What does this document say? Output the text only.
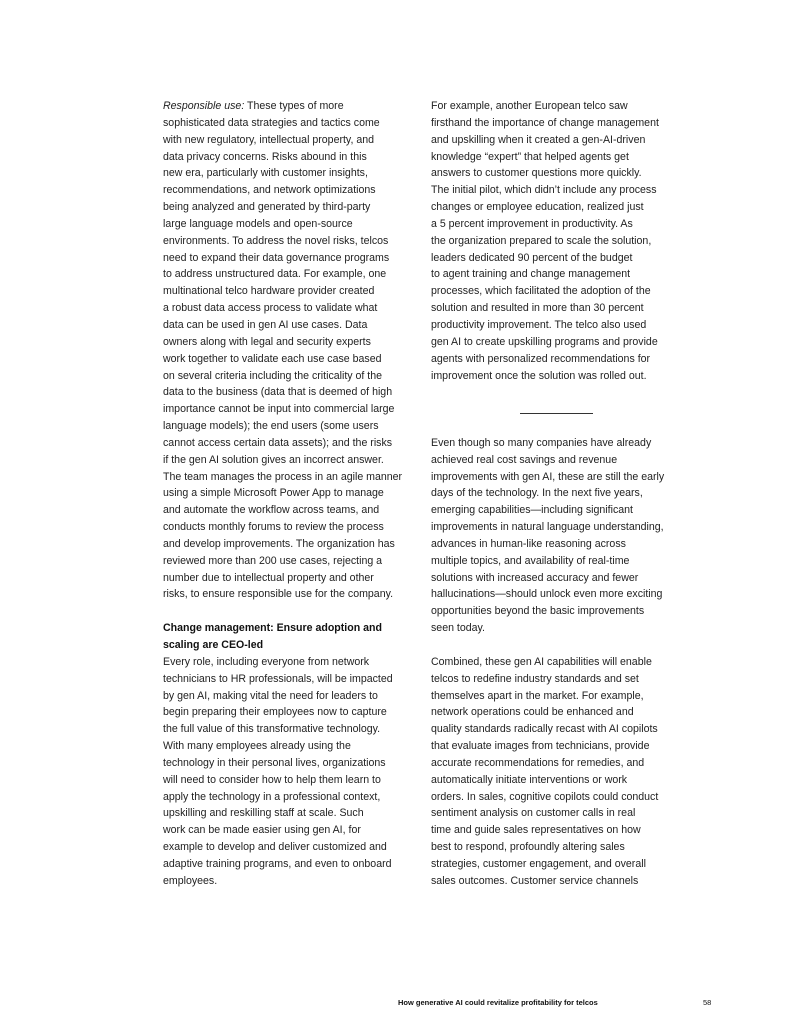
Responsible use: These types of more
sophisticated data strategies and tactics come
with new regulatory, intellectual property, and
data privacy concerns. Risks abound in this
new era, particularly with customer insights,
recommendations, and network optimizations
being analyzed and generated by third-party
large language models and open-source
environments. To address the novel risks, telcos
need to expand their data governance programs
to address unstructured data. For example, one
multinational telco hardware provider created
a robust data access process to validate what
data can be used in gen AI use cases. Data
owners along with legal and security experts
work together to validate each use case based
on several criteria including the criticality of the
data to the business (data that is deemed of high
importance cannot be input into commercial large
language models); the end users (some users
cannot access certain data assets); and the risks
if the gen AI solution gives an incorrect answer.
The team manages the process in an agile manner
using a simple Microsoft Power App to manage
and automate the workflow across teams, and
conducts monthly forums to review the process
and develop improvements. The organization has
reviewed more than 200 use cases, rejecting a
number due to intellectual property and other
risks, to ensure responsible use for the company.
Change management: Ensure adoption and
scaling are CEO-led
Every role, including everyone from network
technicians to HR professionals, will be impacted
by gen AI, making vital the need for leaders to
begin preparing their employees now to capture
the full value of this transformative technology.
With many employees already using the
technology in their personal lives, organizations
will need to consider how to help them learn to
apply the technology in a professional context,
upskilling and reskilling staff at scale. Such
work can be made easier using gen AI, for
example to develop and deliver customized and
adaptive training programs, and even to onboard
employees.
For example, another European telco saw
firsthand the importance of change management
and upskilling when it created a gen-AI-driven
knowledge “expert” that helped agents get
answers to customer questions more quickly.
The initial pilot, which didn’t include any process
changes or employee education, realized just
a 5 percent improvement in productivity. As
the organization prepared to scale the solution,
leaders dedicated 90 percent of the budget
to agent training and change management
processes, which facilitated the adoption of the
solution and resulted in more than 30 percent
productivity improvement. The telco also used
gen AI to create upskilling programs and provide
agents with personalized recommendations for
improvement once the solution was rolled out.
Even though so many companies have already
achieved real cost savings and revenue
improvements with gen AI, these are still the early
days of the technology. In the next five years,
emerging capabilities—including significant
improvements in natural language understanding,
advances in human-like reasoning across
multiple topics, and availability of real-time
solutions with increased accuracy and fewer
hallucinations—should unlock even more exciting
opportunities beyond the basic improvements
seen today.
Combined, these gen AI capabilities will enable
telcos to redefine industry standards and set
themselves apart in the market. For example,
network operations could be enhanced and
quality standards radically recast with AI copilots
that evaluate images from technicians, provide
accurate recommendations for remedies, and
automatically initiate interventions or work
orders. In sales, cognitive copilots could conduct
sentiment analysis on customer calls in real
time and guide sales representatives on how
best to respond, profoundly altering sales
strategies, customer engagement, and overall
sales outcomes. Customer service channels
How generative AI could revitalize profitability for telcos	58
